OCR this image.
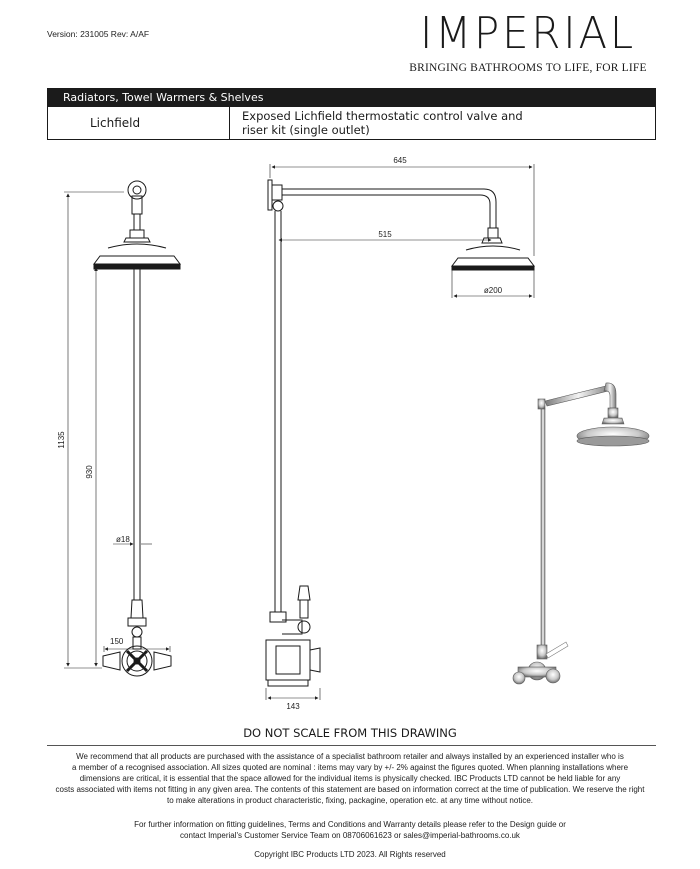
Version: 231005 Rev: A/AF	IMPERIAL
BRINGING BATHROOMS TO LIFE, FOR LIFE
Radiators, Towel Warmers & Shelves
Lichfield	Exposed Lichfield thermostatic control valve and
riser kit (single outlet)
1135
930
ø18
150
645
515
ø200
143
DO NOT SCALE FROM THIS DRAWING
We recommend that all products are purchased with the assistance of a specialist bathroom retailer and always installed by an experienced installer who is
a member of a recognised association. All sizes quoted are nominal : items may vary by +/- 2% against the figures quoted. When planning installations where
dimensions are critical, it is essential that the space allowed for the individual items is physically checked. IBC Products LTD cannot be held liable for any
costs associated with items not fitting in any given area. The contents of this statement are based on information correct at the time of publication. We reserve the right
to make alterations in product characteristic, fixing, packagine, operation etc. at any time without notice.
For further information on fitting guidelines, Terms and Conditions and Warranty details please refer to the Design guide or
contact Imperial's Customer Service Team on 08706061623 or sales@imperial-bathrooms.co.uk
Copyright IBC Products LTD 2023. All Rights reserved
